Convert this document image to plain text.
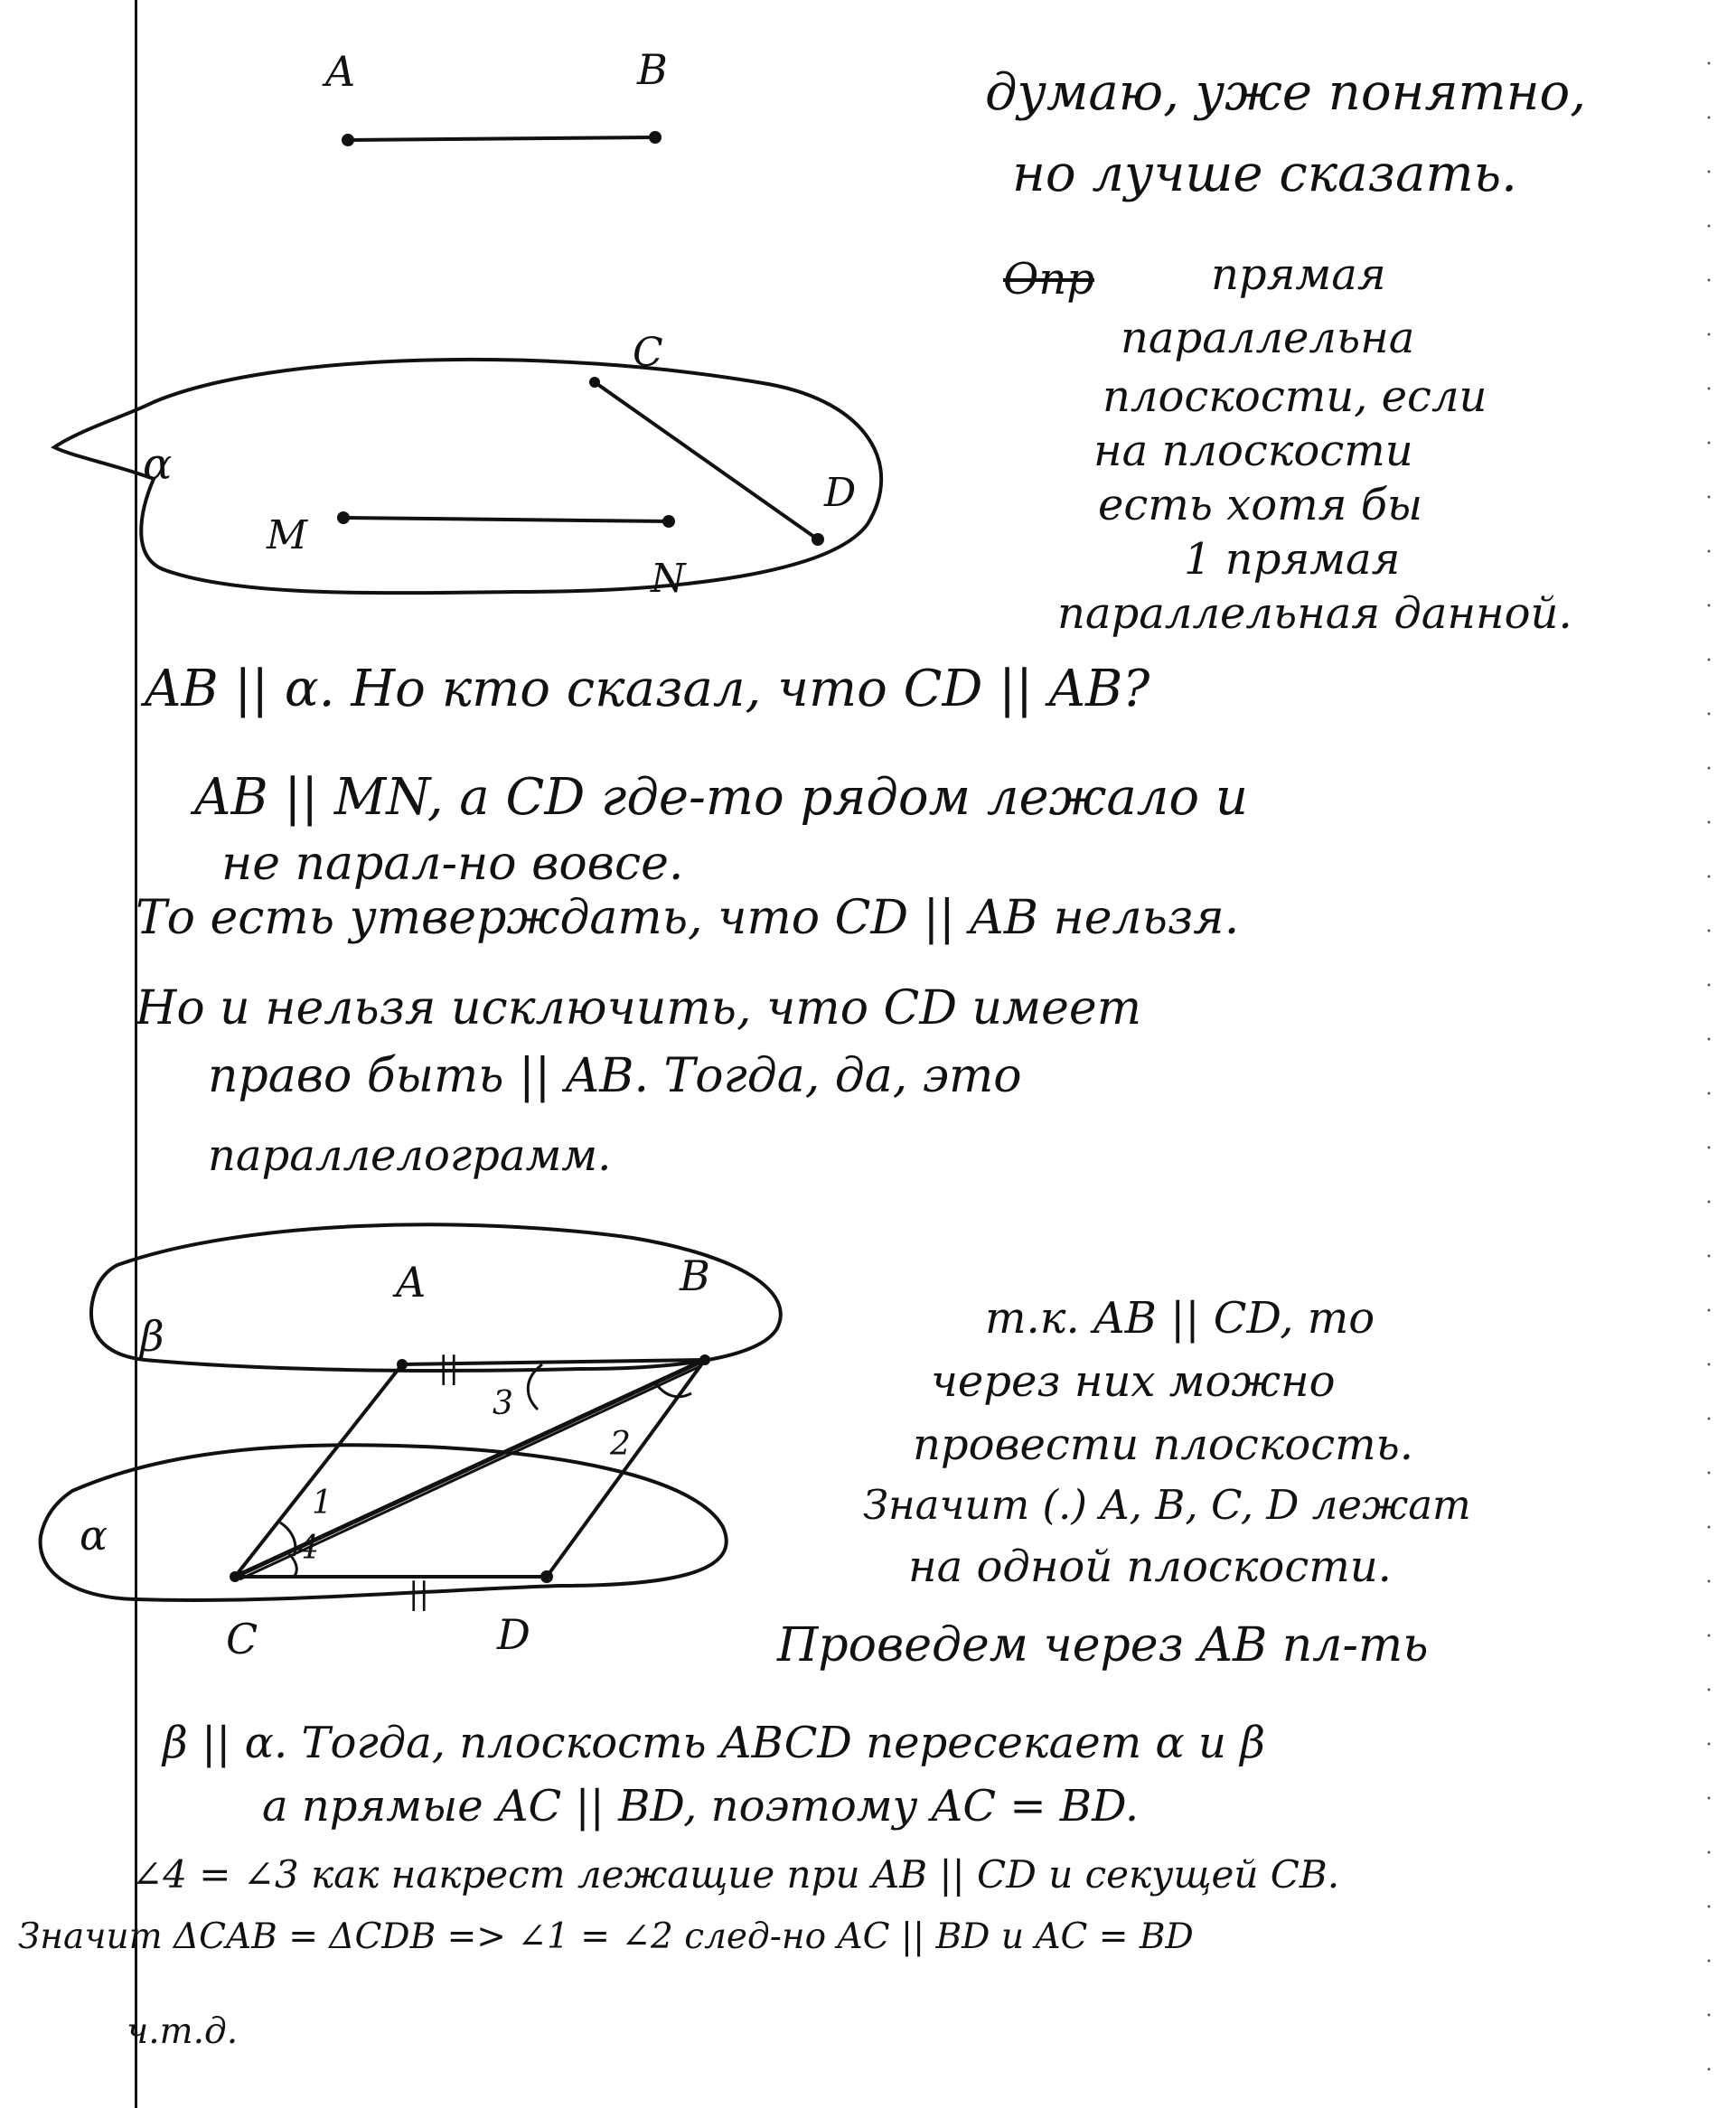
A	B	думаю, уже понятно,

но лучше сказать.

Опр	прямая

параллельна

плоскости, если

на плоскости

есть хотя бы

1 прямая

параллельная данной.

α
C
D
M
N

AB || α. Но кто сказал, что CD || AB?

AB || MN, а CD где-то рядом лежало и

не парал-но вовсе.

То есть утверждать, что CD || AB нельзя.

Но и нельзя исключить, что CD имеет

право быть || AB. Тогда, да, это

параллелограмм.

β
α
A	B
C	D
||
||
1
4
3
2

т.к. AB || CD, то

через них можно

провести плоскость.

Значит (.) A, B, C, D лежат

на одной плоскости.

Проведем через AB пл-ть

β || α. Тогда, плоскость ABCD пересекает α и β

а прямые AC || BD, поэтому AC = BD.

∠4 = ∠3 как накрест лежащие при AB || CD и секущей CB.

Значит ΔCAB = ΔCDB => ∠1 = ∠2 след-но AC || BD и AC = BD

ч.т.д.
